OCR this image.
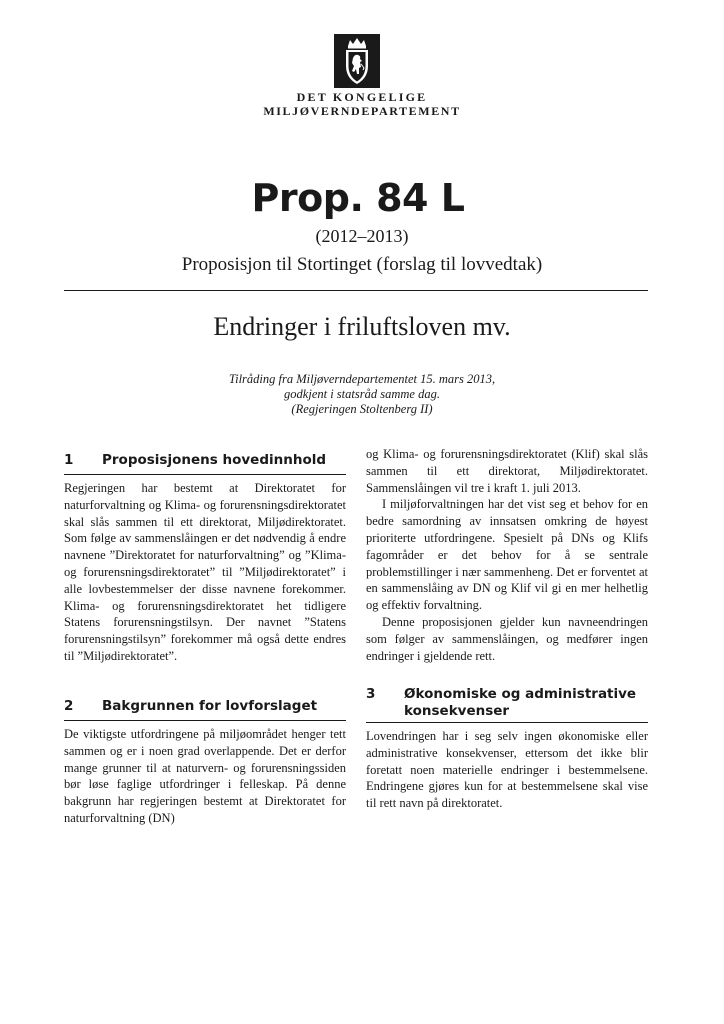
DET KONGELIGE
MILJØVERNDEPARTEMENT
Prop. 84 L
(2012–2013)
Proposisjon til Stortinget (forslag til lovvedtak)
Endringer i friluftsloven mv.
Tilråding fra Miljøverndepartementet 15. mars 2013,
godkjent i statsråd samme dag.
(Regjeringen Stoltenberg II)
1 Proposisjonens hovedinnhold

Regjeringen har bestemt at Direktoratet for naturforvaltning og Klima- og forurensningsdirektoratet skal slås sammen til ett direktorat, Miljødirektoratet. Som følge av sammenslåingen er det nødvendig å endre navnene ”Direktoratet for naturforvaltning” og ”Klima- og forurensningsdirektoratet” til ”Miljødirektoratet” i alle lovbestemmelser der disse navnene forekommer. Klima- og forurensningsdirektoratet het tidligere Statens forurensningstilsyn. Der navnet ”Statens forurensningstilsyn” forekommer må også dette endres til ”Miljødirektoratet”.

2 Bakgrunnen for lovforslaget

De viktigste utfordringene på miljøområdet henger tett sammen og er i noen grad overlappende. Det er derfor mange grunner til at naturvern- og forurensningssiden bør løse faglige utfordringer i felleskap. På denne bakgrunn har regjeringen bestemt at Direktoratet for naturforvaltning (DN)

og Klima- og forurensningsdirektoratet (Klif) skal slås sammen til ett direktorat, Miljødirektoratet. Sammenslåingen vil tre i kraft 1. juli 2013.

I miljøforvaltningen har det vist seg et behov for en bedre samordning av innsatsen omkring de høyest prioriterte utfordringene. Spesielt på DNs og Klifs fagområder er det behov for å se sentrale problemstillinger i nær sammenheng. Det er forventet at en sammenslåing av DN og Klif vil gi en mer helhetlig og effektiv forvaltning.

Denne proposisjonen gjelder kun navneendringen som følger av sammenslåingen, og medfører ingen endringer i gjeldende rett.

3 Økonomiske og administrative
konsekvenser

Lovendringen har i seg selv ingen økonomiske eller administrative konsekvenser, ettersom det ikke blir foretatt noen materielle endringer i bestemmelsene. Endringene gjøres kun for at bestemmelsene skal vise til rett navn på direktoratet.
